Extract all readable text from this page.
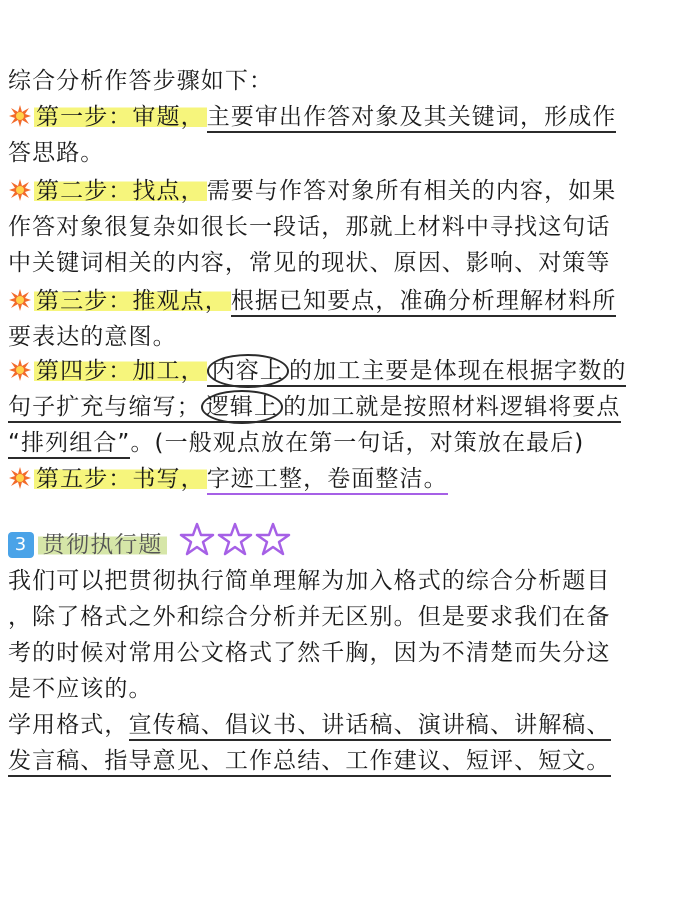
综合分析作答步骤如下：
第一步：审题，主要审出作答对象及其关键词，形成作
答思路。
第二步：找点，需要与作答对象所有相关的内容，如果
作答对象很复杂如很长一段话，那就上材料中寻找这句话
中关键词相关的内容，常见的现状、原因、影响、对策等
第三步：推观点，根据已知要点，准确分析理解材料所
要表达的意图。
第四步：加工， 内容上 的加工主要是体现在根据字数的
句子扩充与缩写； 逻辑上 的加工就是按照材料逻辑将要点
“排列组合”。(一般观点放在第一句话，对策放在最后)
第五步：书写，字迹工整，卷面整洁。
3 贯彻执行题
我们可以把贯彻执行简单理解为加入格式的综合分析题目
，除了格式之外和综合分析并无区别。但是要求我们在备
考的时候对常用公文格式了然千胸，因为不清楚而失分这
是不应该的。
学用格式，宣传稿、倡议书、讲话稿、演讲稿、讲解稿、
发言稿、指导意见、工作总结、工作建议、短评、短文。
